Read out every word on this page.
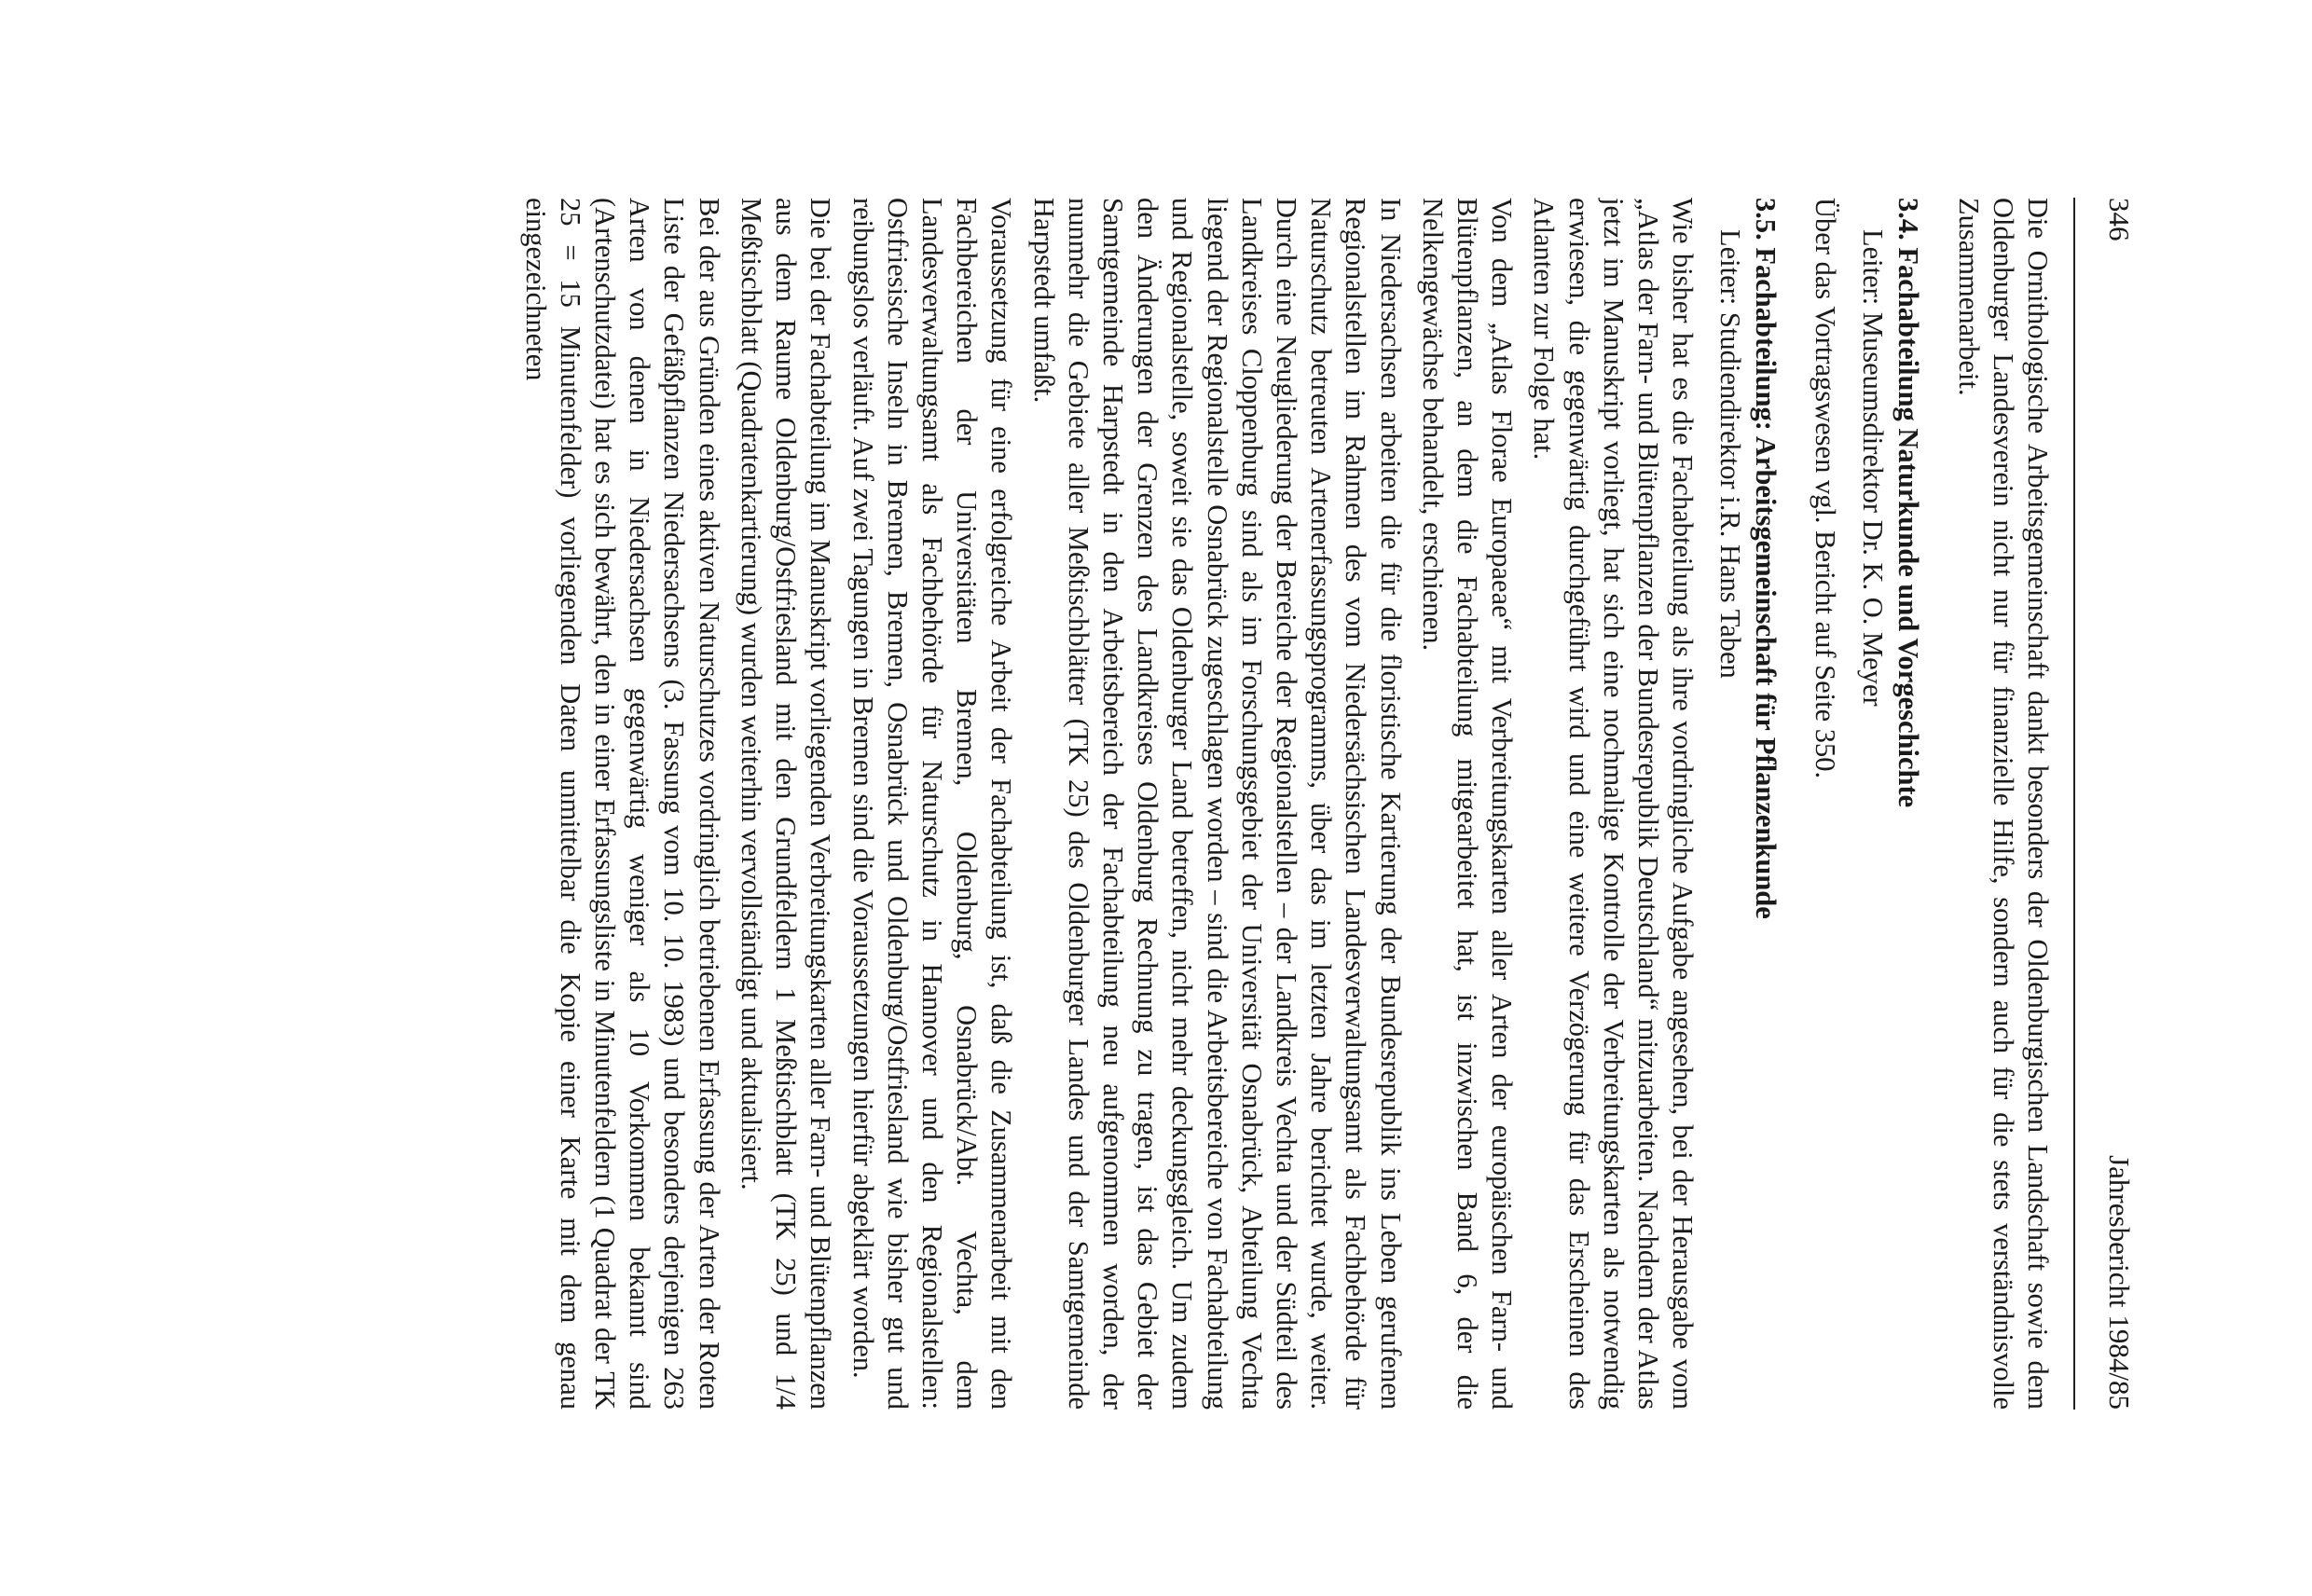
346
Jahresbericht 1984/85

Die Ornithologische Arbeitsgemeinschaft dankt besonders der Oldenburgischen Landschaft sowie dem Oldenburger Landesverein nicht nur für finanzielle Hilfe, sondern auch für die stets verständnisvolle Zusammenarbeit.

3.4. Fachabteilung Naturkunde und Vorgeschichte

Leiter: Museumsdirektor Dr. K. O. Meyer

Über das Vortragswesen vgl. Bericht auf Seite 350.

3.5. Fachabteilung: Arbeitsgemeinschaft für Pflanzenkunde

Leiter: Studiendirektor i.R. Hans Taben

Wie bisher hat es die Fachabteilung als ihre vordringliche Aufgabe angesehen, bei der Herausgabe vom „Atlas der Farn- und Blütenpflanzen der Bundesrepublik Deutschland“ mitzuarbeiten. Nachdem der Atlas jetzt im Manuskript vorliegt, hat sich eine nochmalige Kontrolle der Verbreitungskarten als notwendig erwiesen, die gegenwärtig durchgeführt wird und eine weitere Verzögerung für das Erscheinen des Atlanten zur Folge hat.

Von dem „Atlas Florae Europaeae“ mit Verbreitungskarten aller Arten der europäischen Farn- und Blütenpflanzen, an dem die Fachabteilung mitgearbeitet hat, ist inzwischen Band 6, der die Nelkengewächse behandelt, erschienen.

In Niedersachsen arbeiten die für die floristische Kartierung der Bundesrepublik ins Leben gerufenen Regionalstellen im Rahmen des vom Niedersächsischen Landesverwaltungsamt als Fachbehörde für Naturschutz betreuten Artenerfassungsprogramms, über das im letzten Jahre berichtet wurde, weiter. Durch eine Neugliederung der Bereiche der Regionalstellen – der Landkreis Vechta und der Südteil des Landkreises Cloppenburg sind als im Forschungsgebiet der Universität Osnabrück, Abteilung Vechta liegend der Regionalstelle Osnabrück zugeschlagen worden – sind die Arbeitsbereiche von Fachabteilung und Regionalstelle, soweit sie das Oldenburger Land betreffen, nicht mehr deckungsgleich. Um zudem den Änderungen der Grenzen des Landkreises Oldenburg Rechnung zu tragen, ist das Gebiet der Samtgemeinde Harpstedt in den Arbeitsbereich der Fachabteilung neu aufgenommen worden, der nunmehr die Gebiete aller Meßtischblätter (TK 25) des Oldenburger Landes und der Samtgemeinde Harpstedt umfaßt.

Voraussetzung für eine erfolgreiche Arbeit der Fachabteilung ist, daß die Zusammenarbeit mit den Fachbereichen der Universitäten Bremen, Oldenburg, Osnabrück/Abt. Vechta, dem Landesverwaltungsamt als Fachbehörde für Naturschutz in Hannover und den Regionalstellen: Ostfriesische Inseln in Bremen, Bremen, Osnabrück und Oldenburg/Ostfriesland wie bisher gut und reibungslos verläuft. Auf zwei Tagungen in Bremen sind die Voraussetzungen hierfür abgeklärt worden.

Die bei der Fachabteilung im Manuskript vorliegenden Verbreitungskarten aller Farn- und Blütenpflanzen aus dem Raume Oldenburg/Ostfriesland mit den Grundfeldern 1 Meßtischblatt (TK 25) und 1/4 Meßtischblatt (Quadratenkartierung) wurden weiterhin vervollständigt und aktualisiert.

Bei der aus Gründen eines aktiven Naturschutzes vordringlich betriebenen Erfassung der Arten der Roten Liste der Gefäßpflanzen Niedersachsens (3. Fassung vom 10. 10. 1983) und besonders derjenigen 263 Arten von denen in Niedersachsen gegenwärtig weniger als 10 Vorkommen bekannt sind (Artenschutzdatei) hat es sich bewährt, den in einer Erfassungsliste in Minutenfeldern (1 Quadrat der TK 25 = 15 Minutenfelder) vorliegenden Daten unmittelbar die Kopie einer Karte mit dem genau eingezeichneten
